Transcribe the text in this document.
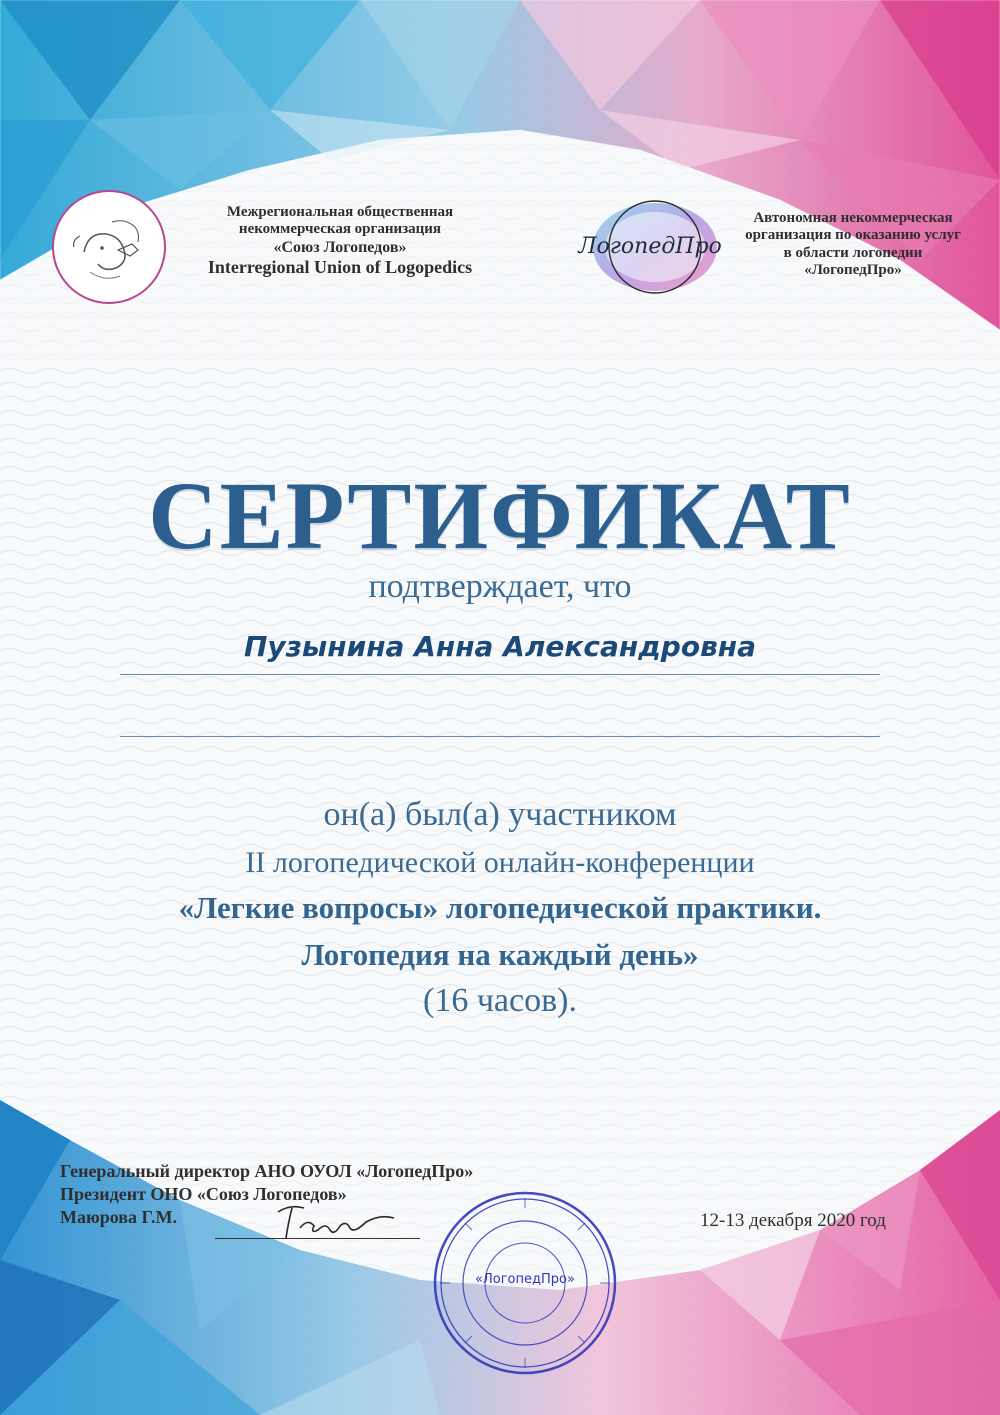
Межрегиональная общественная
некоммерческая организация
«Союз Логопедов»
Interregional Union of Logopedics
ЛогопедПро
Автономная некоммерческая
организация по оказанию услуг
в области логопедии
«ЛогопедПро»
СЕРТИФИКАТ
подтверждает, что
Пузынина Анна Александровна
он(а) был(а) участником
II логопедической онлайн-конференции
«Легкие вопросы» логопедической практики.
Логопедия на каждый день»
(16 часов).
Генеральный директор АНО ОУОЛ «ЛогопедПро»
Президент ОНО «Союз Логопедов»
Маюрова Г.М.	12-13 декабря 2020 год
«ЛогопедПро»
